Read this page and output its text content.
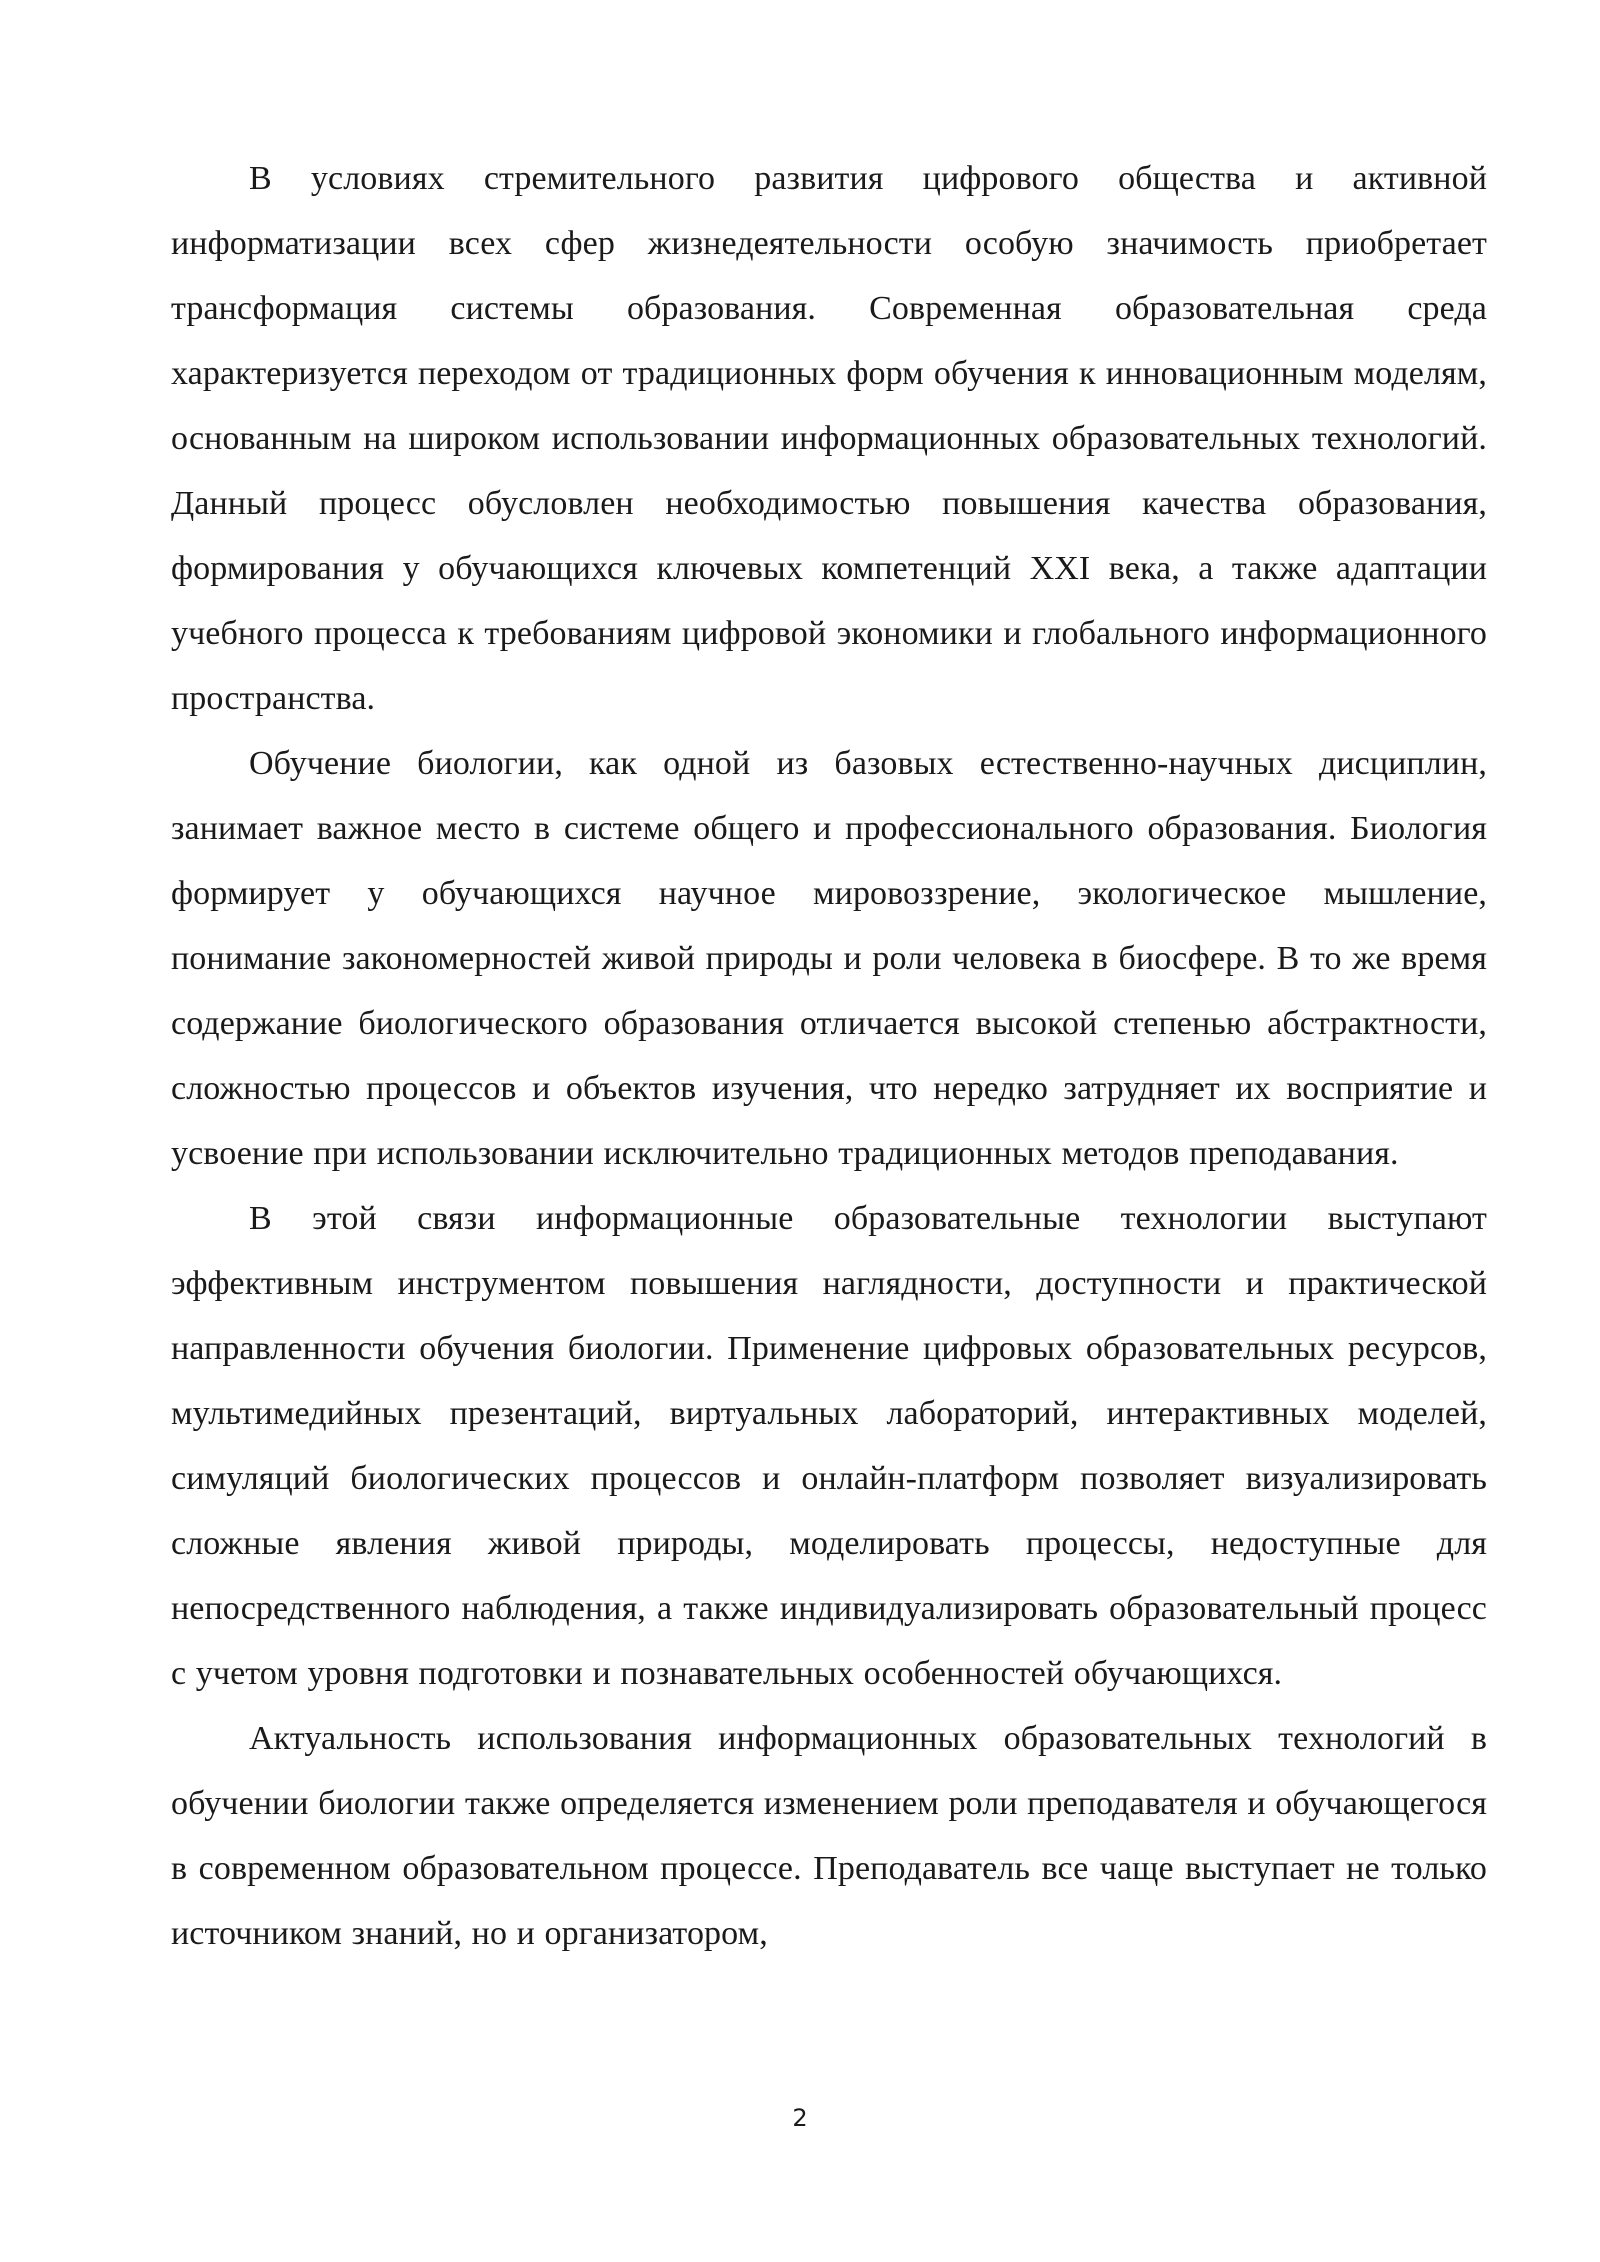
В условиях стремительного развития цифрового общества и активной информатизации всех сфер жизнедеятельности особую значимость приобретает трансформация системы образования. Современная образовательная среда характеризуется переходом от традиционных форм обучения к инновационным моделям, основанным на широком использовании информационных образовательных технологий. Данный процесс обусловлен необходимостью повышения качества образования, формирования у обучающихся ключевых компетенций XXI века, а также адаптации учебного процесса к требованиям цифровой экономики и глобального информационного пространства.

Обучение биологии, как одной из базовых естественно-научных дисциплин, занимает важное место в системе общего и профессионального образования. Биология формирует у обучающихся научное мировоззрение, экологическое мышление, понимание закономерностей живой природы и роли человека в биосфере. В то же время содержание биологического образования отличается высокой степенью абстрактности, сложностью процессов и объектов изучения, что нередко затрудняет их восприятие и усвоение при использовании исключительно традиционных методов преподавания.

В этой связи информационные образовательные технологии выступают эффективным инструментом повышения наглядности, доступности и практической направленности обучения биологии. Применение цифровых образовательных ресурсов, мультимедийных презентаций, виртуальных лабораторий, интерактивных моделей, симуляций биологических процессов и онлайн-платформ позволяет визуализировать сложные явления живой природы, моделировать процессы, недоступные для непосредственного наблюдения, а также индивидуализировать образовательный процесс с учетом уровня подготовки и познавательных особенностей обучающихся.

Актуальность использования информационных образовательных технологий в обучении биологии также определяется изменением роли преподавателя и обучающегося в современном образовательном процессе. Преподаватель все чаще выступает не только источником знаний, но и организатором,

2
